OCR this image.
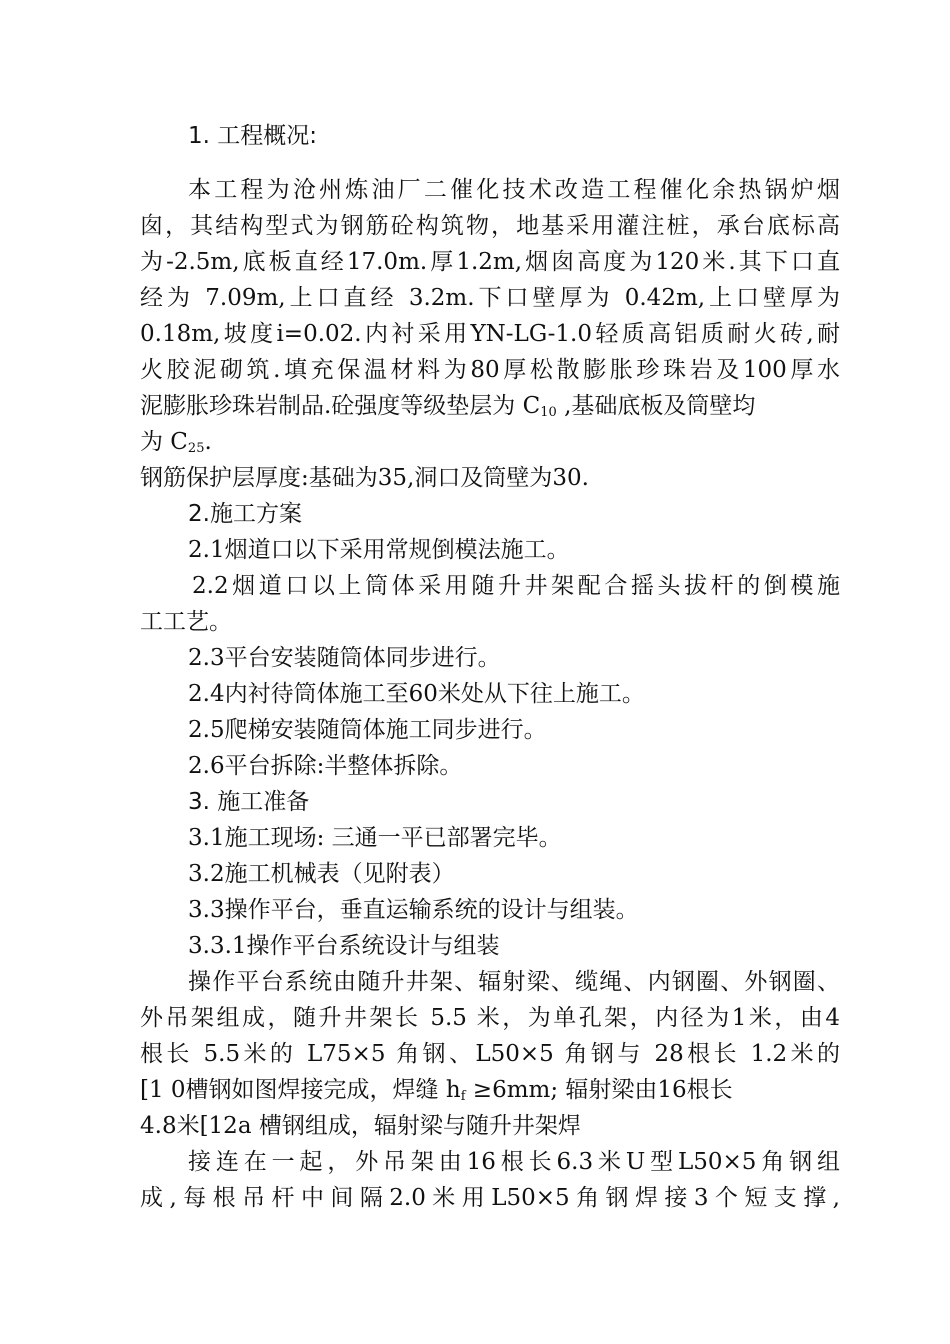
1. 工程概况:
本工程为沧州炼油厂二催化技术改造工程催化余热锅炉烟
囱，其结构型式为钢筋砼构筑物，地基采用灌注桩，承台底标高
为-2.5m,底板直经17.0m.厚1.2m,烟囱高度为120米.其下口直
经为 7.09m,上口直经 3.2m.下口壁厚为 0.42m,上口壁厚为
0.18m,坡度i=0.02.内衬采用YN-LG-1.0轻质高铝质耐火砖,耐
火胶泥砌筑.填充保温材料为80厚松散膨胀珍珠岩及100厚水
泥膨胀珍珠岩制品.砼强度等级垫层为 $C_{10}$ ,基础底板及筒壁均
为 $C_{25}$.
钢筋保护层厚度:基础为35,洞口及筒壁为30.
2.施工方案
2.1烟道口以下采用常规倒模法施工。
2.2烟道口以上筒体采用随升井架配合摇头拔杆的倒模施
工工艺。
2.3平台安装随筒体同步进行。
2.4内衬待筒体施工至60米处从下往上施工。
2.5爬梯安装随筒体施工同步进行。
2.6平台拆除:半整体拆除。
3. 施工准备
3.1施工现场: 三通一平已部署完毕。
3.2施工机械表（见附表）
3.3操作平台，垂直运输系统的设计与组装。
3.3.1操作平台系统设计与组装
操作平台系统由随升井架、辐射梁、缆绳、内钢圈、外钢圈、
外吊架组成，随升井架长 5.5 米，为单孔架，内径为1米，由4
根长 5.5米的 L75×5 角钢、L50×5 角钢与 28根长 1.2米的
[1 0槽钢如图焊接完成，焊缝 $h_f \ge 6mm$; 辐射梁由16根长
4.8米[12a 槽钢组成，辐射梁与随升井架焊
接连在一起，外吊架由16根长6.3米U型L50×5角钢组
成,每根吊杆中间隔2.0米用L50×5角钢焊接3个短支撑,
